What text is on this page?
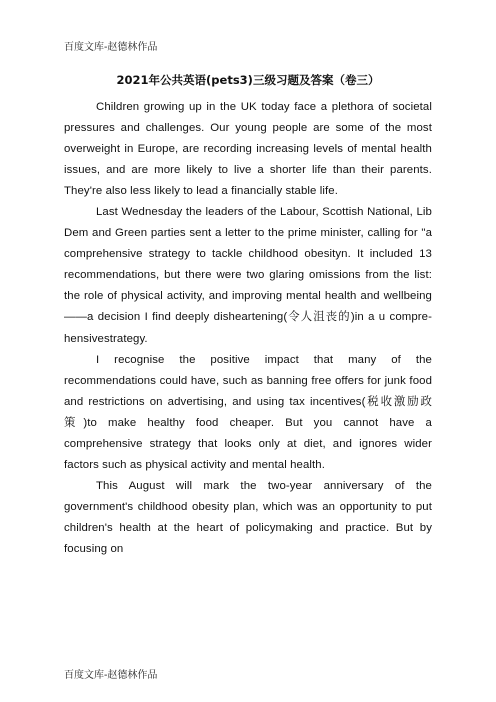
百度文库-赵德林作品
2021年公共英语(pets3)三级习题及答案（卷三）

Children growing up in the UK today face a plethora of societal pressures and challenges. Our young people are some of the most overweight in Europe, are recording increasing levels of mental health issues, and are more likely to live a shorter life than their parents. They're also less likely to lead a financially stable life.

Last Wednesday the leaders of the Labour, Scottish National, Lib Dem and Green parties sent a letter to the prime minister, calling for "a comprehensive strategy to tackle childhood obesityn. It included 13 recommendations, but there were two glaring omissions from the list: the role of physical activity, and improving mental health and wellbeing ——a decision I find deeply disheartening(令人沮丧的)in a u compre-hensivestrategy.

I recognise the positive impact that many of the recommendations could have, such as banning free offers for junk food and restrictions on advertising, and using tax incentives(税收激励政策)to make healthy food cheaper. But you cannot have a comprehensive strategy that looks only at diet, and ignores wider factors such as physical activity and mental health.

This August will mark the two-year anniversary of the government's childhood obesity plan, which was an opportunity to put children's health at the heart of policymaking and practice. But by focusing on

百度文库-赵德林作品
